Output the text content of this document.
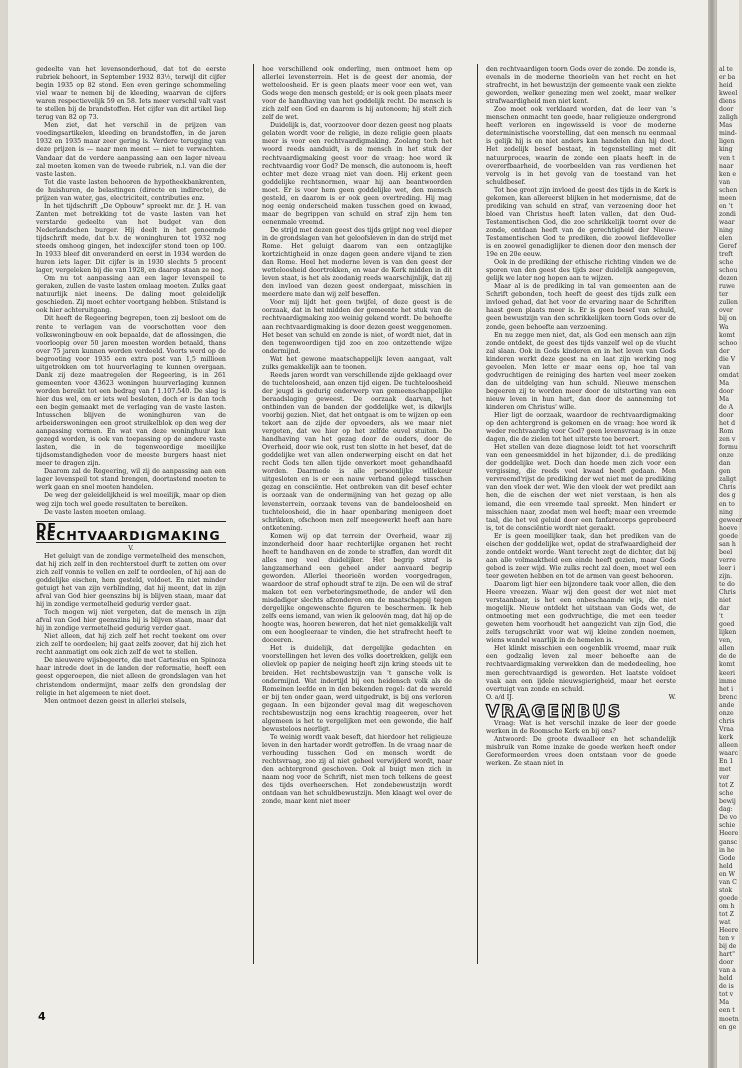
gedeelte van het levensonderhoud, dat tot de eerste rubriek behoort, in September 1932 83½, terwijl dit cijfer begin 1935 op 82 stond. Een even geringe schommeling viel waar te nemen bij de kleeding, waarvan de cijfers waren respectievelijk 59 en 58. Iets meer verschil valt vast te stellen bij de brandstoffen. Het cijfer van dit artikel liep terug van 82 op 73.

Men ziet, dat het verschil in de prijzen van voedingsartikelen, kleeding en brandstoffen, in de jaren 1932 en 1935 maar zeer gering is. Verdere terugging van deze prijzen is — naar men meent — niet te verwachten. Vandaar dat de verdere aanpassing aan een lager niveau zal moeten komen van de tweede rubriek, n.l. van die der vaste lasten.

Tot die vaste lasten behooren de hypotheekbankrenten, de huishuren, de belastingen (directe en indirecte), de prijzen van water, gas, electriciteit, contributies enz.

In het tijdschrift „De Opbouw" spreekt mr. dr. J. H. van Zanten met betrekking tot de vaste lasten van het verstarde gedeelte van het budget van den Nederlandschen burger. Hij deelt in het genoemde tijdschrift mede, dat b.v. de woninghuren tot 1932 nog steeds omhoog gingen, het indexcijfer stond toen op 100. In 1933 bleef dit onveranderd en eerst in 1934 werden de huren iets lager. Dit cijfer is in 1930 slechts 5 procent lager, vergeleken bij die van 1928, en daarop staan ze nog.

Om nu tot aanpassing aan een lager levenspeil te geraken, zullen de vaste lasten omlaag moeten. Zulks gaat natuurlijk niet ineens. De daling moet geleidelijk geschieden. Zij moet echter voortgang hebben. Stilstand is ook hier achteruitgang.

Dit heeft de Regeering begrepen, toen zij besloot om de rente te verlagen van de voorschotten voor den volkswoningbouw en ook bepaalde, dat de aflossingen, die voorloopig over 50 jaren moesten worden betaald, thans over 75 jaren kunnen worden verdeeld. Voorts werd op de begrooting voor 1935 een extra post van 1,5 millioen uitgetrokken om tot huurverlaging te kunnen overgaan. Dank zij deze maatregelen der Regeering, is in 261 gemeenten voor 43623 woningen huurverlaging kunnen worden bereikt tot een bedrag van f 1.107.540. De slag is hier dus wel, om er iets wel besloten, doch er is dan toch een begin gemaakt met de verlaging van de vaste lasten. Intusschen blijven de woninghuren van de arbeiderswoningen een groot struikelblok op den weg der aanpassing vormen. En wat van deze woninghuur kan gezegd worden, is ook van toepassing op de andere vaste lasten, die in de tegenwoordige moeilijke tijdsomstandigheden voor de meeste burgers haast niet meer te dragen zijn.

Daarom zal de Regeering, wil zij de aanpassing aan een lager levenspeil tot stand brengen, doortastend moeten te werk gaan en snel moeten handelen.

De weg der geleidelijkheid is wel moeilijk, maar op dien weg zijn toch wel goede resultaten te bereiken.

De vaste lasten moeten omlaag.

DE RECHTVAARDIGMAKING

V.

Het geluigt van de zondige vermetelheid des menschen, dat hij zich zelf in den rechterstoel durft te zetten om over zich zelf vonnis te vellen en zelf te oordeelen, of hij aan de goddelijke eischen, hem gesteld, voldoet. En niet minder getuigt het van zijn verblinding, dat hij meent, dat in zijn afval van God hier geenszins bij is blijven staan, maar dat hij in zondige vermetelheid gedurig verder gaat.

Toch mogen wij niet vergeten, dat de mensch in zijn afval van God hier geenszins bij is blijven staan, maar dat hij in zondige vermetelheid gedurig verder gaat.

Niet alleen, dat hij zich zelf het recht toekent om over zich zelf te oordeelen; hij gaat zelfs zoover, dat hij zich het recht aanmatigt om ook zich zelf de wet te stellen.

De nieuwere wijsbegeerte, die met Cartesius en Spinoza haar intrede doet in de landen der reformatie, heeft een geest opgeroepen, die niet alleen de grondslagen van het christendom ondermijnt, maar zelfs den grondslag der religie in het algemeen te niet doet.

Men ontmoet dezen geest in allerlei stelsels,

hoe verschillend ook onderling, men ontmoet hem op allerlei levensterrein. Het is de geest der anomia, der wetteloosheid. Er is geen plaats meer voor een wet, van Gods wege den mensch gesteld; er is ook geen plaats meer voor de handhaving van het goddelijk recht. De mensch is zich zelf een God en daarom is hij autonoom; hij stelt zich zelf de wet.

Duidelijk is, dat, voorzoover door dezen geest nog plaats gelaten wordt voor de religie, in deze religie geen plaats meer is voor een rechtvaardigmaking. Zoolang toch het woord reeds aanduidt, is de mensch in het stuk der rechtvaardigmaking geest voor de vraag: hoe word ik rechtvaardig voor God? De mensch, die autonoom is, heeft echter met deze vraag niet van doen. Hij erkent geen goddelijke rechtsnormen, waar hij aan beantwoorden moet. Er is voor hem geen goddelijke wet, den mensch gesteld, en daarom is er ook geen overtreding. Hij mag nog eenig onderscheid maken tusschen goed en kwaad, maar de begrippen van schuld en straf zijn hem ten eenenmale vreemd.

De strijd met dezen geest des tijds grijpt nog veel dieper in de grondslagen van het geloofsleven in dan de strijd met Rome. Het geluigt daarom van een ontzaglijke kortzichtigheid in onze dagen geen andere vijand te zien dan Rome. Heel het moderne leven is van den geest der wetteloosheid doortrokken, en waar de Kerk midden in dit leven staat, is het als zoodanig reeds waarschijnlijk, dat zij den invloed van dezen geest ondergaat, misschien in meerdere mate dan wij zelf beseffen.

Voor mij lijdt het geen twijfel, of deze geest is de oorzaak, dat in het midden der gemeente het stuk van de rechtvaardigmaking zoo weinig gekend wordt. De behoefte aan rechtvaardigmaking is door dezen geest weggenomen. Het beset van schuld en zonde is niet, of wordt niet, dat in den tegenwoordigen tijd zoo en zoo ontzettende wijze ondermijnd.

Wat het gewone maatschappelijk leven aangaat, valt zulks gemakkelijk aan te toonen.

Reeds jaren wordt van verschillende zijde geklaagd over de tuchteloosheid, aan onzen tijd eigen. De tuchteloosheid der jeugd is gedurig onderwerp van gemeenschappelijke beraadslaging geweest. De oorzaak daarvan, het ontbinden van de banden der goddelijke wet, is dikwijls voorbij gezien. Niet, dat het ontgaat is om te wijzen op een tekort aan de zijde der opvoeders, als we maar niet vergeten, dat we hier op het zelfde euvel stuiten. De handhaving van het gezag door de ouders, door de Overheid, door wie ook, rust ten slotte in het besef, dat de goddelijke wet van allen onderwerping eischt en dat het recht Gods ten allen tijde onverkort moet gehandhaafd worden. Daarmede is alle persoonlijke willekeur uitgesloten en is er een nauw verband gelegd tusschen gezag en consciëntie. Het ontbreken van dit besef echter is oorzaak van de ondermijning van het gezag op alle levensterrein, oorzaak tevens van de bandeloosheid en tuchteloosheid, die in haar openbaring menigeen doet schrikken, ofschoon men zelf meegewerkt heeft aan hare ontketening.

Komen wij op dat terrein der Overheid, waar zij inzonderheid door haar rechterlijke organen het recht heeft te handhaven en de zonde te straffen, dan wordt dit alles nog veel duidelijker. Het begrip straf is langzamerhand een geheel ander aanvaard begrip geworden. Allerlei theorieën worden voorgedragen, waardoor de straf ophoudt straf te zijn. De een wil de straf maken tot een verbeteringsmethode, de ander wil den misdadiger slechts afzonderen om de maatschappij tegen dergelijke ongewenschte figuren te beschermen. Ik heb zelfs eens iemand, van wien ik geloovén mag, dat hij op de hoogte was, hooren beweren, dat het niet gemakkelijk valt om een hoogleeraar te vinden, die het strafrecht heeft te doceeren.

Het is duidelijk, dat dergelijke gedachten en voorstellingen het leven des volks doortrekken, gelijk een olievlek op papier de neiging heeft zijn kring steeds uit te breiden. Het rechtsbewustzijn van 't gansche volk is ondermijnd. Wat indertijd bij een heidensch volk als de Romeinen leefde en in den bekenden regel: dat de wereld er bij ten onder gaan, werd uitgedrukt, is bij ons verloren gegaan. In een bijzonder geval mag dit wegeschoven rechtsbewustzijn nog eens krachtig reageeren, over het algemeen is het te vergelijken met een gewonde, die half bewusteloos neerligt.

Te weinig wordt vaak beseft, dat hierdoor het religieuze leven in den hartader wordt getroffen. In de vraag naar de verhouding tusschen God en mensch wordt de rechtsvraag, zoo zij al niet geheel verwijderd wordt, naar den achtergrond geschoven. Ook al buigt men zich in naam nog voor de Schrift, niet men toch telkens de geest des tijds overheerschen. Het zondebewustzijn wordt ontdaan van het schuldbewustzijn. Men klaagt wel over de zonde, maar kent niet meer

den rechtvaardigen toorn Gods over de zonde. De zonde is, evenals in de moderne theorieën van het recht en het strafrecht, in het bewustzijn der gemeente vaak een ziekte geworden, welker genezing men wel zoekt, maar welker strafwaardigheid men niet kent.

Zoo moet ook verklaard worden, dat de leer van 's menschen onmacht ten goede, haar religieuze ondergrond heeft verloren en ingewisseld is voor de moderne deterministische voorstelling, dat een mensch nu eenmaal is gelijk hij is en niet anders kan handelen dan hij doet. Het zedelijk besef bestaat, in tegenstelling met dit natuurproces, waarin de zonde een plaats heeft in de overerfbaarheid, de voorbeelden van ras verdienen het vervolg is in het gevolg van de toestand van het schuldbesef.

Tot hoe groot zijn invloed de geest des tijds in de Kerk is gekomen, kan allereerst blijken in het modernisme, dat de prediking van schuld en straf, van verzoening door het bloed van Christus heeft laten vallen, dat den Oud-Testamentischen God, die zoo schrikkelijk toornt over de zonde, ontdaan heeft van de gerechtigheid der Nieuw-Testamentischen God te prediken, die zoowel liefdevoller is en zoowel genadiglijker te dienen door den mensch der 19e en 20e eeuw.

Ook in de prediking der ethische richting vinden we de sporen van den geest des tijds zeer duidelijk aangegeven, gelijk we later nog hopen aan te wijzen.

Maar al is de prediking in tal van gemeenten aan de Schrift gebonden, toch heeft de geest des tijds zulk een invloed gehad, dat het voor de ervaring naar de Schriften haast geen plaats meer is. Er is geen besef van schuld, geen bewustzijn van den schrikkelijken toorn Gods over de zonde, geen behoefte aan verzoening.

En nu zegge men niet, dat, als God een mensch aan zijn zonde ontdekt, de geest des tijds vanzelf wel op de vlucht zal slaan. Ook in Gods kinderen en in het leven van Gods kinderen werkt deze geest na en laat zijn werking nog gevoelen. Men lette er maar eens op, hoe tal van godvruchtigen de reiniging des harten veel meer zoeken dan de uitdelging van hun schuld. Nieuwe menschen begeeren zij te worden meer door de uitstorting van een nieuw leven in hun hart, dan door de aanneming tot kinderen om Christus' wille.

Hier ligt de oorzaak, waardoor de rechtvaardigmaking op den achtergrond is gekomen en de vraag: hoe word ik weder rechtvaardig voor God? geen levensvraag is in onze dagen, die de zielen tot het uiterste toe beroert.

Het stellen van deze diagnose leidt tot het voorschrift van een geneesmiddel in het bijzonder, d.i. de prediking der goddelijke wet. Doch dan hoede men zich voor een vergissing, die reeds veel kwaad heeft gedaan. Men vervreemd'rijst de prediking der wet niet met de prediking van den vloek der wet. Wie den vloek der wet predikt aan hen, die de eischen der wet niet verstaan, is hen als iemand, die een vreemde taal spreekt. Men hindert er misschien naar, zoodat men wel heeft; maar een vreemde taal, die het vol geluid door een fanfarecorps geprobeerd is, tot de consciëntie wordt niet geraakt.

Er is geen moeilijker taak, dan het prediken van de eischen der goddelijke wet, opdat de strafwaardigheid der zonde ontdekt worde. Want terecht zegt de dichter, dat bij aan alle volmaaktheid een einde heeft gezien, maar Gods gebod is zeer wijd. Wie zulks recht zal doen, moet wel een teer geweten hebben en tot de armen van geest behooren.

Daarom ligt hier een bijzondere taak voor allen, die den Heere vreezen. Waar wij den geest der wet niet met verstaanbaar, is het een onbeschaamde wijs, die niet mogelijk. Nieuw ontdekt het uitstaan van Gods wet, de ontmoeting met een godvruchtige, die met een teeder geweten hem voorhoudt het aangezicht van zijn God, die zelfs terugschrikt voor wat wij kleine zonden noemen, wiens wandel waarlijk in de hemelen is.

Het klinkt misschien een oogenblik vreemd, maar ruik een godzalig leven zal meer behoefte aan de rechtvaardigmaking verwekken dan de mededeeling, hoe men gerechtvaardigd is geworden. Het laatste voldoet vaak aan een ijdele nieuwsgierigheid, maar het eerste overtuigt van zonde en schuld.

O. a/d IJ.	W.

VRAGENBUS

Vraag: Wat is het verschil inzake de leer der goede werken in de Roomsche Kerk en bij ons?

Antwoord: De groote dwaalleer en het schandelijk misbruik van Rome inzake de goede werken heeft onder Gereformeerden vrees doen ontstaan voor de goede werken. Ze staan niet in

4
al te
er ba
heid
kweel
diens
door
zaligh
Mas
mind-
ligen
king
ven t
naar
ken e
van
schen
meen
en 't
zondi
waar
ning
elen
Geref
treft
sche
schou
dezen
ruwe
ter
zullen
over
bij on
Wa
komt
schoo
der
die V
van
omdat
Ma
door
Ma
de A
door
het d
Rom
zen v
formu
onze
dan
gen
zaligt
Chris
des g
en to
ning
geweer
hoeve
goede
san h
beel
verre
leer i
zijn.
te do
Chris
niet
dar
't
goed
lijken
ven,
allen
de de
komt
keeri
imme
het i
brenc
ande
onze
chris
Vraa
kerk
alleen
waarc
En 1
met
ver
tot Z
sche
bewij
dag:
De vo
schie
Heere
gansc
in he
Gode
held
en W
van C
stok
goede
om h
tot Z
wat
Heere
ten v
bij de
hart"
door
van a
held
de is
tot v
Ma
een t
moetn
en ge
